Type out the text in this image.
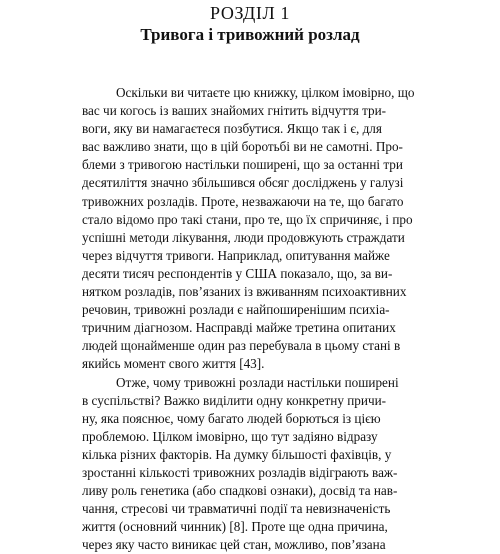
РОЗДІЛ 1
Тривога і тривожний розлад
Оскільки ви читаєте цю книжку, цілком імовірно, що
вас чи когось із ваших знайомих гнітить відчуття три-
воги, яку ви намагаєтеся позбутися. Якщо так і є, для
вас важливо знати, що в цій боротьбі ви не самотні. Про-
блеми з тривогою настільки поширені, що за останні три
десятиліття значно збільшився обсяг досліджень у галузі
тривожних розладів. Проте, незважаючи на те, що багато
стало відомо про такі стани, про те, що їх спричиняє, і про
успішні методи лікування, люди продовжують страждати
через відчуття тривоги. Наприклад, опитування майже
десяти тисяч респондентів у США показало, що, за ви-
нятком розладів, пов’язаних із вживанням психоактивних
речовин, тривожні розлади є найпоширенішим психіа-
тричним діагнозом. Насправді майже третина опитаних
людей щонайменше один раз перебувала в цьому стані в
якийсь момент свого життя [43].
Отже, чому тривожні розлади настільки поширені
в суспільстві? Важко виділити одну конкретну причи-
ну, яка пояснює, чому багато людей борються із цією
проблемою. Цілком імовірно, що тут задіяно відразу
кілька різних факторів. На думку більшості фахівців, у
зростанні кількості тривожних розладів відіграють важ-
ливу роль генетика (або спадкові ознаки), досвід та нав-
чання, стресові чи травматичні події та невизначеність
життя (основний чинник) [8]. Проте ще одна причина,
через яку часто виникає цей стан, можливо, пов’язана
